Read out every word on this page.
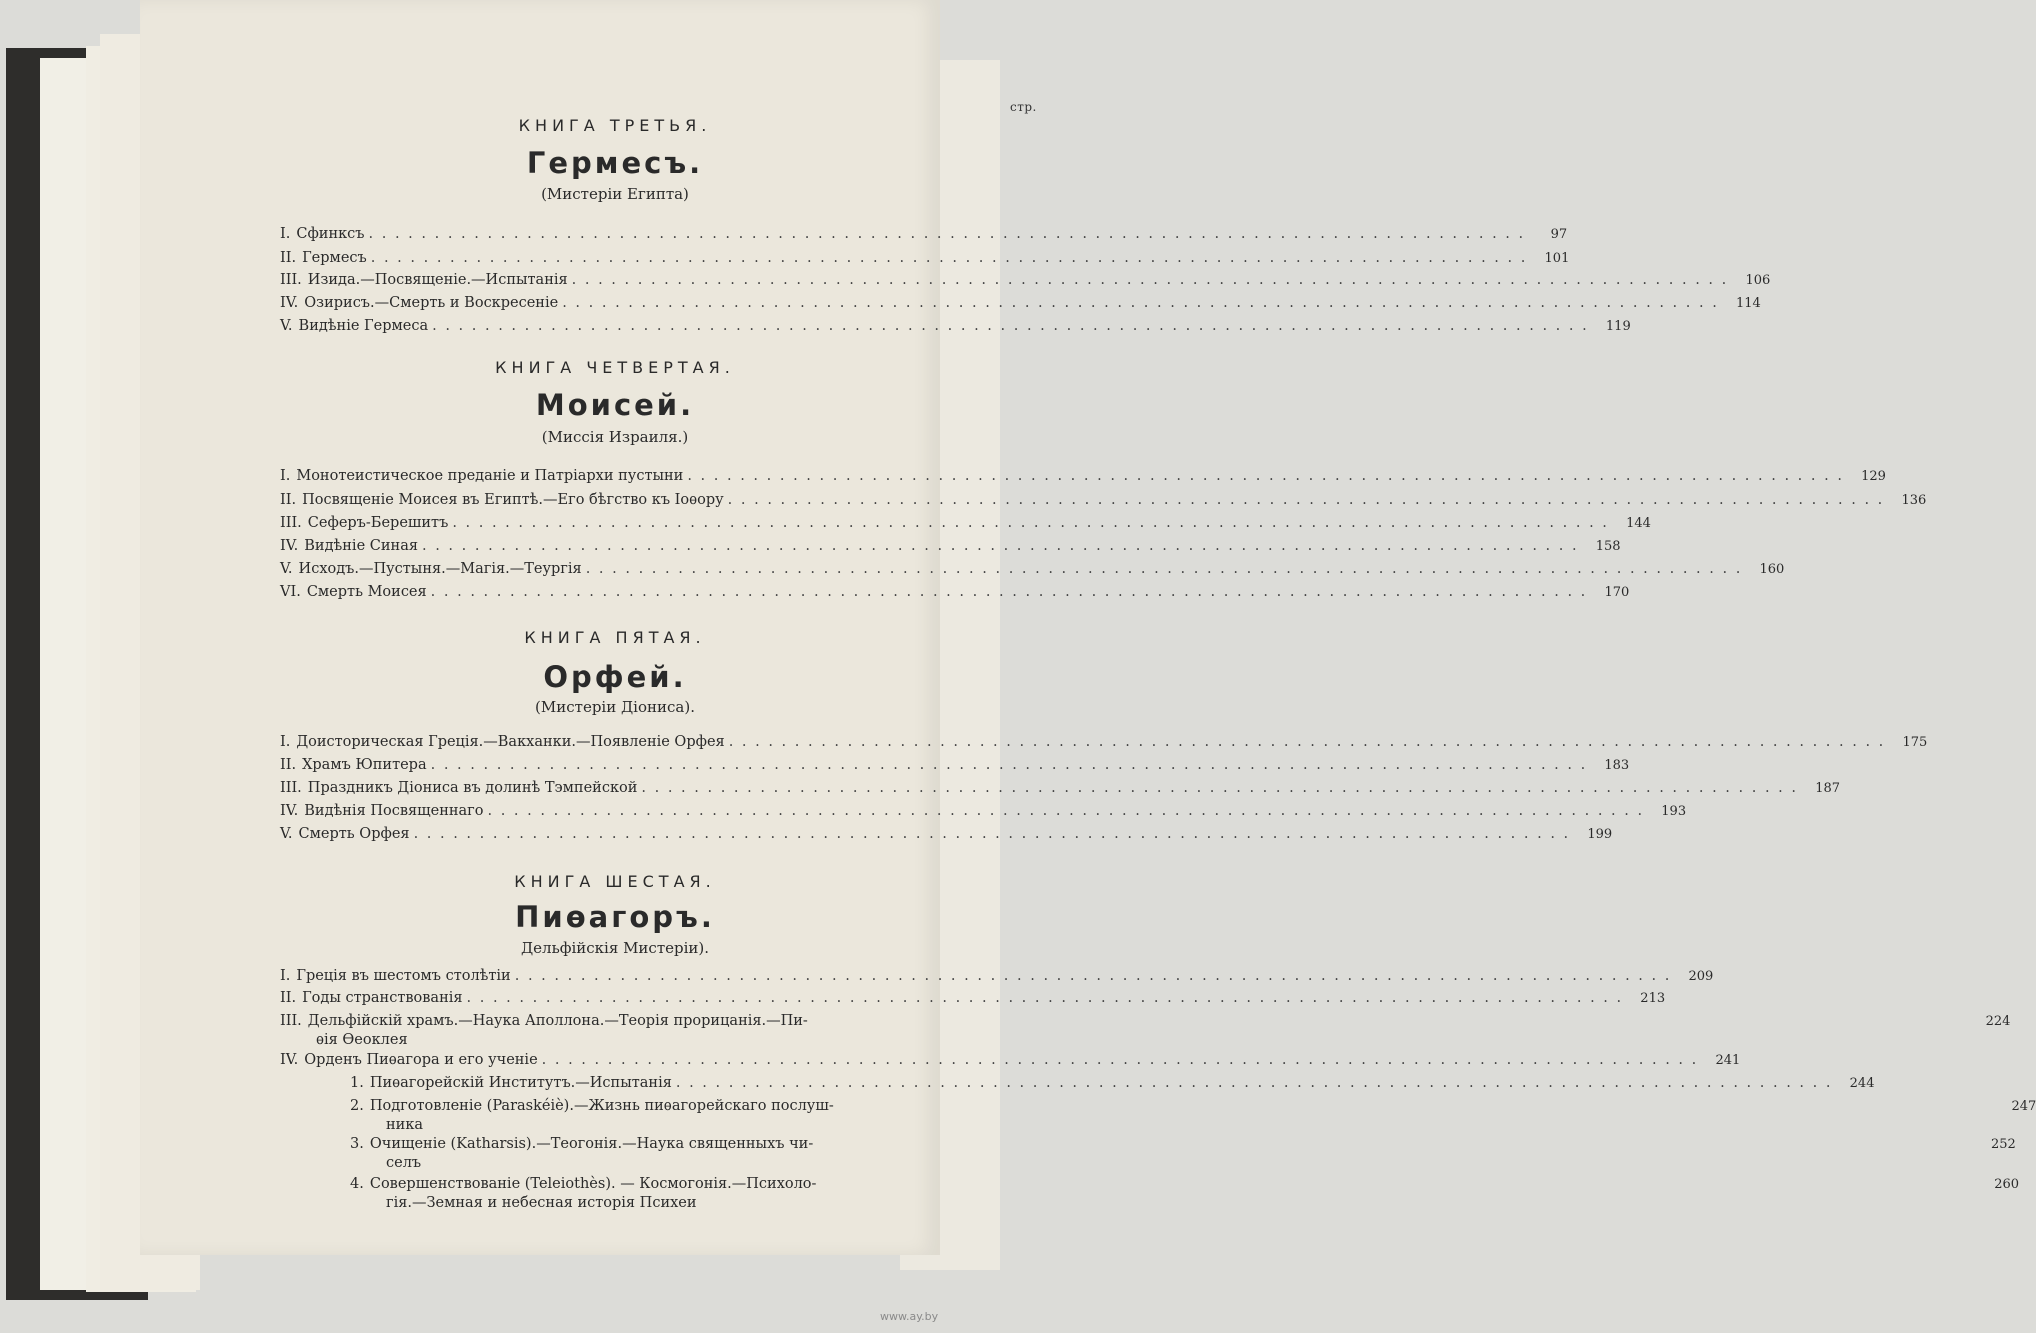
стр.
КНИГА ТРЕТЬЯ.
Гермесъ.
(Мистеріи Египта)
КНИГА ЧЕТВЕРТАЯ.
Моисей.
(Миссія Израиля.)
КНИГА ПЯТАЯ.
Орфей.
(Мистеріи Діониса).
КНИГА ШЕСТАЯ.
Пиѳагоръ.
Дельфійскія Мистеріи).
I. Сфинксъ . . .	97
II. Гермесъ . . .	101
III. Изида.—Посвященіе.—Испытанія . . .	106
IV. Озирисъ.—Смерть и Воскресеніе . . .	114
V. Видѣніе Гермеса . . .	119
I. Монотеистическое преданіе и Патріархи пустыни . . .	129
II. Посвященіе Моисея въ Египтѣ.—Его бѣгство къ Іоѳору . . .	136
III. Сеферъ-Берешитъ . . .	144
IV. Видѣніе Синая . . .	158
V. Исходъ.—Пустыня.—Магія.—Теургія . . .	160
VI. Смерть Моисея . . .	170
I. Доисторическая Греція.—Вакханки.—Появленіе Орфея . . .	175
II. Храмъ Юпитера . . .	183
III. Праздникъ Діониса въ долинѣ Тэмпейской . . .	187
IV. Видѣнія Посвященнаго . . .	193
V. Смерть Орфея . . .	199
I. Греція въ шестомъ столѣтіи . . .	209
II. Годы странствованія . . .	213
III. Дельфійскій храмъ.—Наука Аполлона.—Теорія прорицанія.—Пи-	224
ѳія Ѳеоклея
IV. Орденъ Пиѳагора и его ученіе . . .	241
1. Пиѳагорейскій Институтъ.—Испытанія . . .	244
2. Подготовленіе (Paraskéiè).—Жизнь пиѳагорейскаго послуш-	247
ника
3. Очищеніе (Katharsis).—Теогонія.—Наука священныхъ чи-	252
селъ
4. Совершенствованіе (Teleiothès). — Космогонія.—Психоло-	260
гія.—Земная и небесная исторія Психеи
www.ay.by
